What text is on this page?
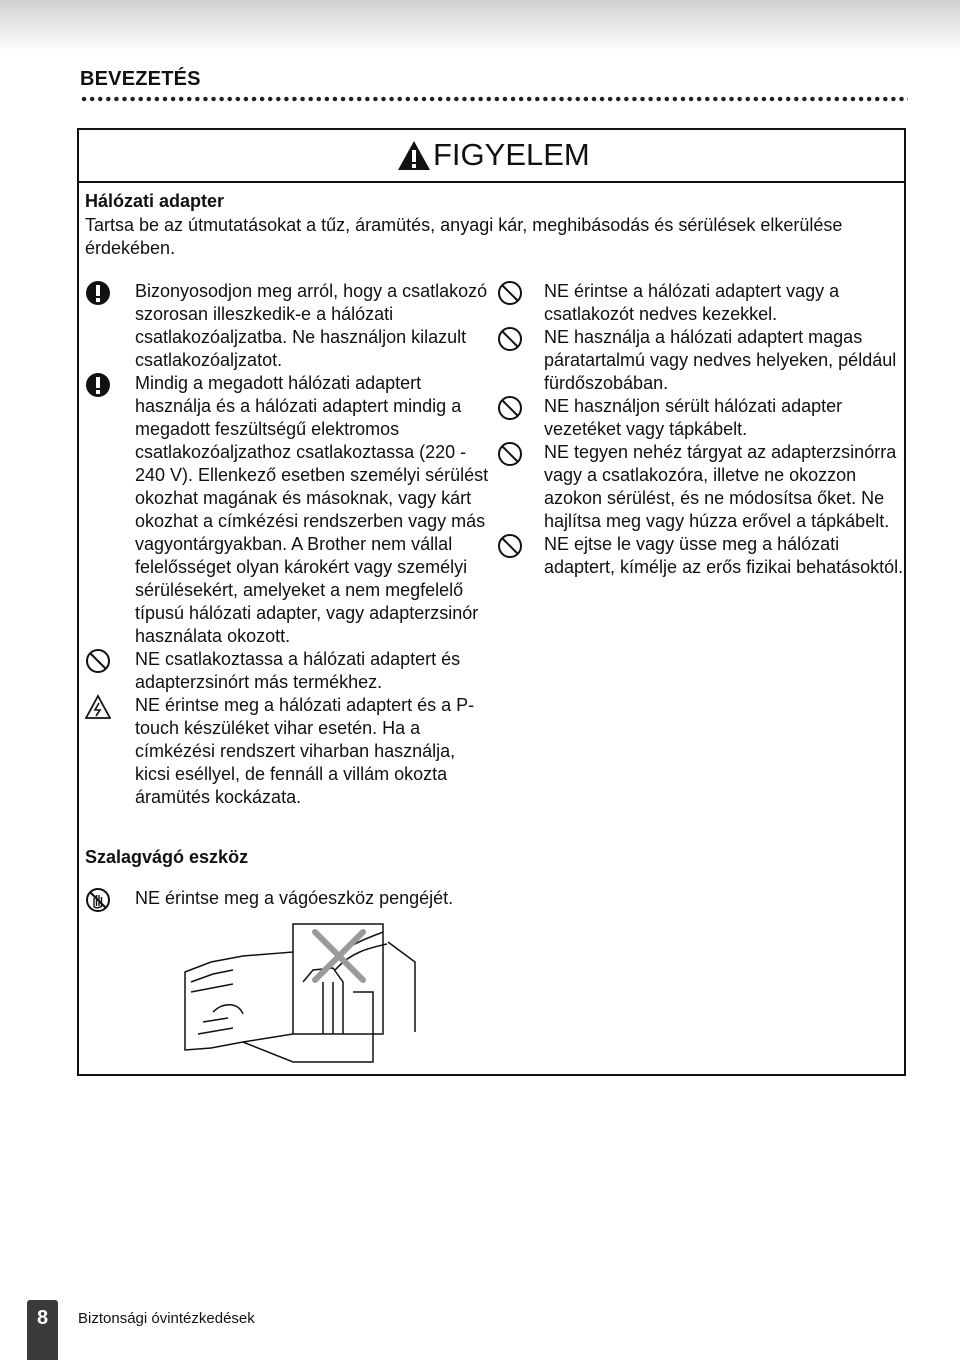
BEVEZETÉS
FIGYELEM
Hálózati adapter
Tartsa be az útmutatásokat a tűz, áramütés, anyagi kár, meghibásodás és sérülések elkerülése érdekében.
Bizonyosodjon meg arról, hogy a csatlakozó szorosan illeszkedik-e a hálózati csatlakozóaljzatba. Ne használjon kilazult csatlakozóaljzatot.
Mindig a megadott hálózati adaptert használja és a hálózati adaptert mindig a megadott feszültségű elektromos csatlakozóaljzathoz csatlakoztassa (220 - 240 V). Ellenkező esetben személyi sérülést okozhat magának és másoknak, vagy kárt okozhat a címkézési rendszerben vagy más vagyontárgyakban. A Brother nem vállal felelősséget olyan károkért vagy személyi sérülésekért, amelyeket a nem megfelelő típusú hálózati adapter, vagy adapterzsinór használata okozott.
NE csatlakoztassa a hálózati adaptert és adapterzsinórt más termékhez.
NE érintse meg a hálózati adaptert és a P-touch készüléket vihar esetén. Ha a címkézési rendszert viharban használja, kicsi eséllyel, de fennáll a villám okozta áramütés kockázata.
NE érintse a hálózati adaptert vagy a csatlakozót nedves kezekkel.
NE használja a hálózati adaptert magas páratartalmú vagy nedves helyeken, például fürdőszobában.
NE használjon sérült hálózati adapter vezetéket vagy tápkábelt.
NE tegyen nehéz tárgyat az adapterzsinórra vagy a csatlakozóra, illetve ne okozzon azokon sérülést, és ne módosítsa őket. Ne hajlítsa meg vagy húzza erővel a tápkábelt.
NE ejtse le vagy üsse meg a hálózati adaptert, kímélje az erős fizikai behatásoktól.
Szalagvágó eszköz
NE érintse meg a vágóeszköz pengéjét.
8	Biztonsági óvintézkedések
